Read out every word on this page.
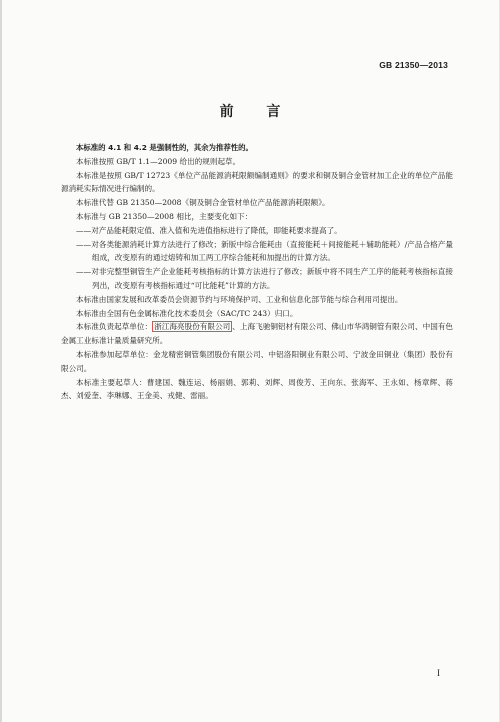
GB 21350—2013
前 言

本标准的 4.1 和 4.2 是强制性的，其余为推荐性的。

本标准按照 GB/T 1.1—2009 给出的规则起草。

本标准是按照 GB/T 12723《单位产品能源消耗限额编制通则》的要求和铜及铜合金管材加工企业的单位产品能源消耗实际情况进行编制的。

本标准代替 GB 21350—2008《铜及铜合金管材单位产品能源消耗限额》。

本标准与 GB 21350—2008 相比，主要变化如下：

——对产品能耗限定值、准入值和先进值指标进行了降低，即能耗要求提高了。

——对各类能源消耗计算方法进行了修改；新版中综合能耗由（直接能耗＋间接能耗＋辅助能耗）/产品合格产量组成，改变原有的通过熔铸和加工两工序综合能耗和加提出的计算方法。

——对非完整型铜管生产企业能耗考核指标的计算方法进行了修改；新版中将不同生产工序的能耗考核指标直接列出，改变原有考核指标通过“可比能耗”计算的方法。

本标准由国家发展和改革委员会资源节约与环境保护司、工业和信息化部节能与综合利用司提出。

本标准由全国有色金属标准化技术委员会（SAC/TC 243）归口。

本标准负责起草单位： 浙江海亮股份有限公司 、上海飞驰铜铝材有限公司、佛山市华鸿铜管有限公司、中国有色金属工业标准计量质量研究所。

本标准参加起草单位：金龙精密铜管集团股份有限公司、中铝洛阳铜业有限公司、宁波金田铜业（集团）股份有限公司。

本标准主要起草人：曹建国、魏连运、杨丽娟、郭莉、刘辉、周俊芳、王向东、张海军、王永如、杨章辉、蒋杰、刘爱奎、李琳娜、王金美、戎健、雷丽。

I
